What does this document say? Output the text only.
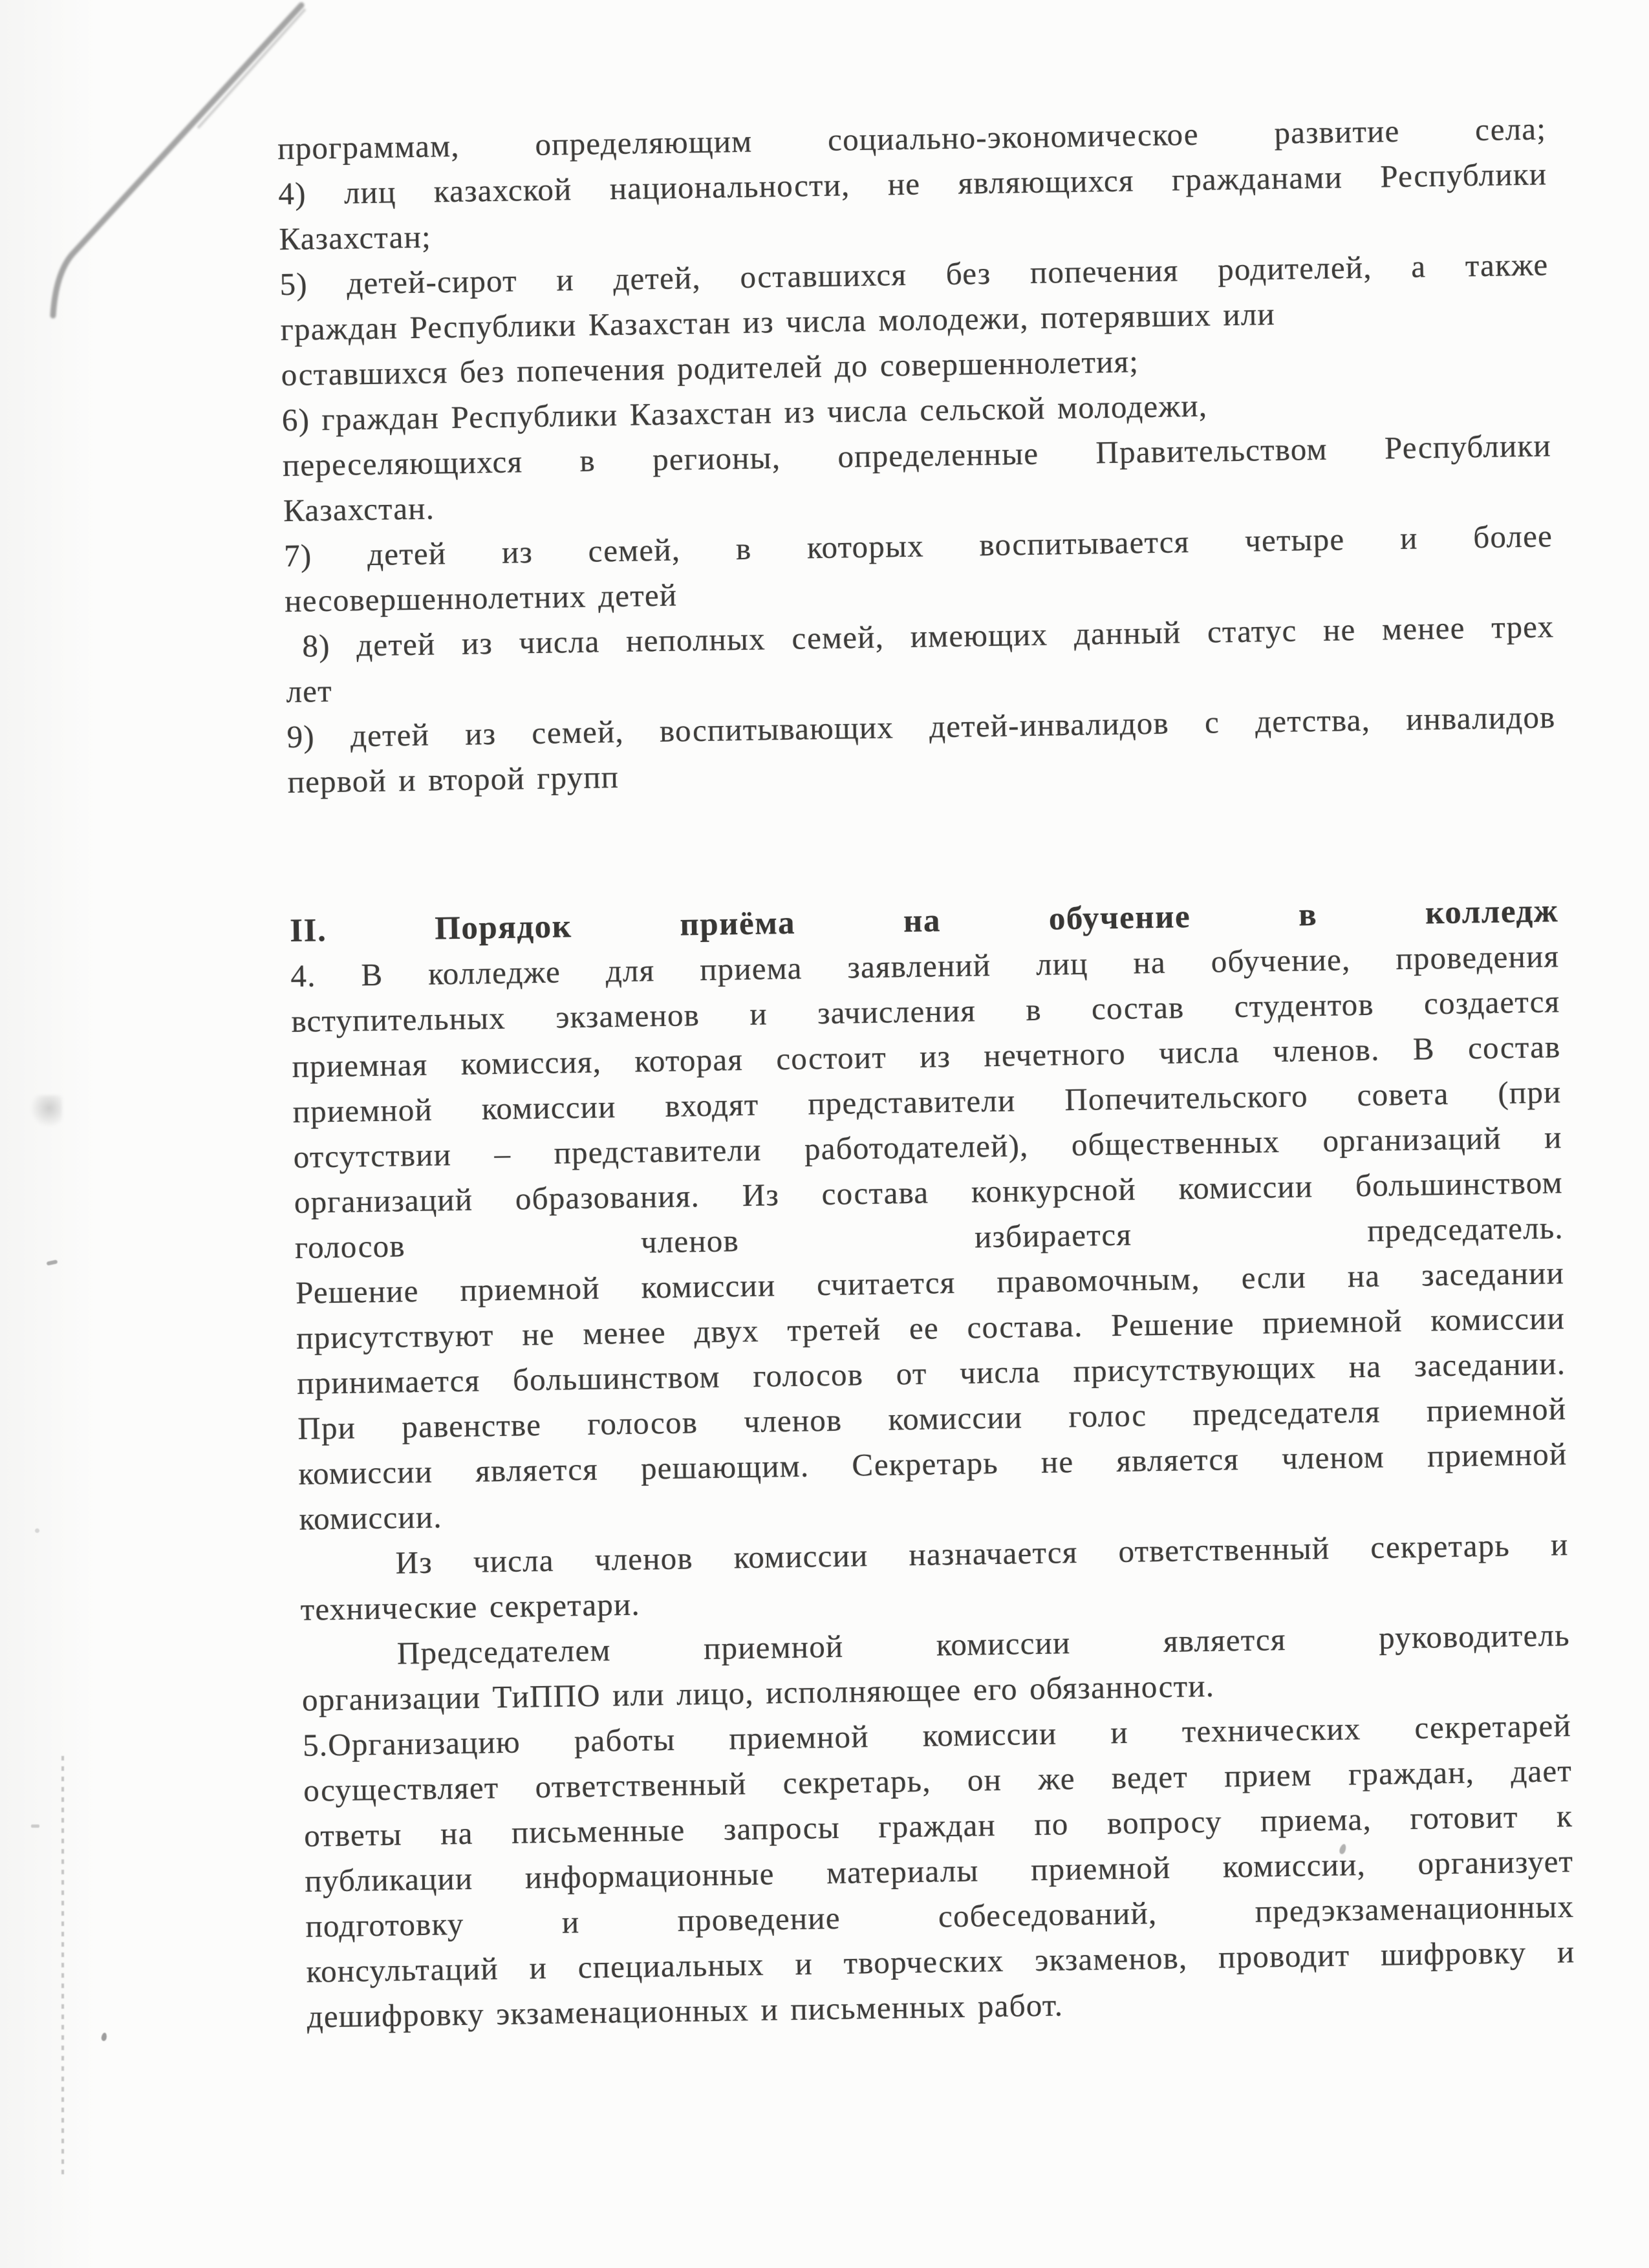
программам, определяющим социально-экономическое развитие села;
4) лиц казахской национальности, не являющихся гражданами Республики
Казахстан;
5) детей-сирот и детей, оставшихся без попечения родителей, а также
граждан Республики Казахстан из числа молодежи, потерявших или
оставшихся без попечения родителей до совершеннолетия;
6) граждан Республики Казахстан из числа сельской молодежи,
переселяющихся в регионы, определенные Правительством Республики
Казахстан.
7) детей из семей, в которых воспитывается четыре и более
несовершеннолетних детей
8) детей из числа неполных семей, имеющих данный статус не менее трех
лет
9) детей из семей, воспитывающих детей-инвалидов с детства, инвалидов
первой и второй групп
II. Порядок приёма на обучение в колледж
4. В колледже для приема заявлений лиц на обучение, проведения
вступительных экзаменов и зачисления в состав студентов создается
приемная комиссия, которая состоит из нечетного числа членов. В состав
приемной комиссии входят представители Попечительского совета (при
отсутствии – представители работодателей), общественных организаций и
организаций образования. Из состава конкурсной комиссии большинством
голосов членов избирается председатель.
Решение приемной комиссии считается правомочным, если на заседании
присутствуют не менее двух третей ее состава. Решение приемной комиссии
принимается большинством голосов от числа присутствующих на заседании.
При равенстве голосов членов комиссии голос председателя приемной
комиссии является решающим. Секретарь не является членом приемной
комиссии.
Из числа членов комиссии назначается ответственный секретарь и
технические секретари.
Председателем приемной комиссии является руководитель
организации ТиППО или лицо, исполняющее его обязанности.
5.Организацию работы приемной комиссии и технических секретарей
осуществляет ответственный секретарь, он же ведет прием граждан, дает
ответы на письменные запросы граждан по вопросу приема, готовит к
публикации информационные материалы приемной комиссии, организует
подготовку и проведение собеседований, предэкзаменационных
консультаций и специальных и творческих экзаменов, проводит шифровку и
дешифровку экзаменационных и письменных работ.
